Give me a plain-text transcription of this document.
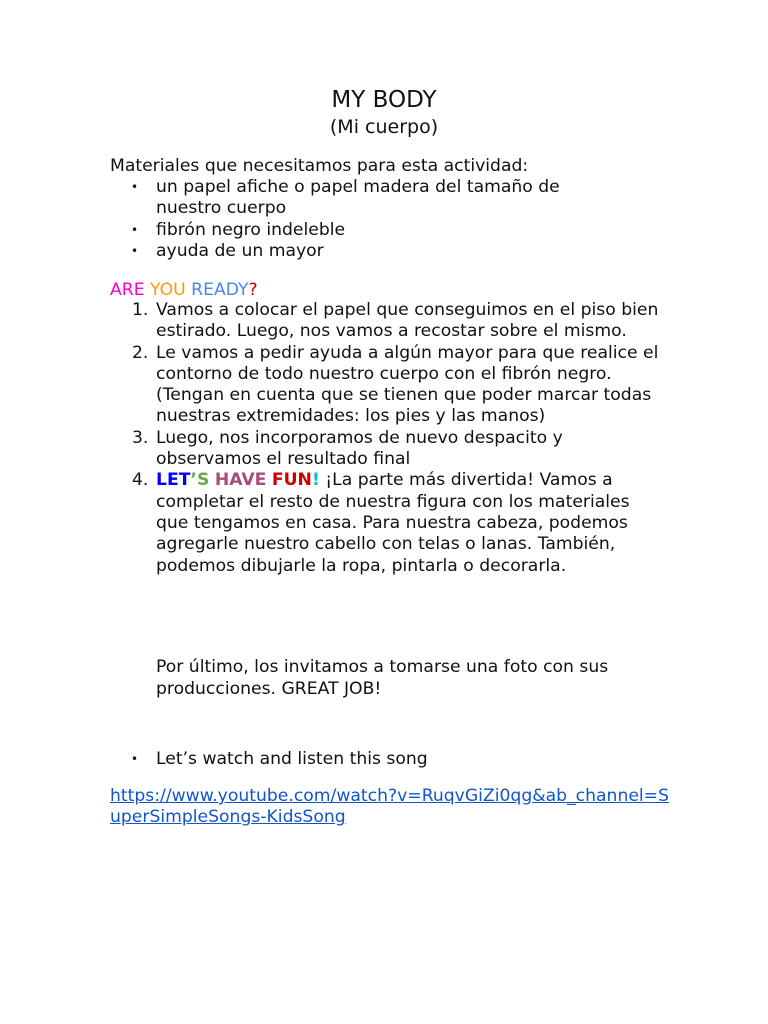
MY BODY
(Mi cuerpo)
Materiales que necesitamos para esta actividad:
• un papel afiche o papel madera del tamaño de nuestro cuerpo
• fibrón negro indeleble
• ayuda de un mayor
ARE YOU READY?
1. Vamos a colocar el papel que conseguimos en el piso bien estirado. Luego, nos vamos a recostar sobre el mismo.
2. Le vamos a pedir ayuda a algún mayor para que realice el contorno de todo nuestro cuerpo con el fibrón negro. (Tengan en cuenta que se tienen que poder marcar todas nuestras extremidades: los pies y las manos)
3. Luego, nos incorporamos de nuevo despacito y observamos el resultado final
4. LET’S HAVE FUN! ¡La parte más divertida! Vamos a completar el resto de nuestra figura con los materiales que tengamos en casa. Para nuestra cabeza, podemos agregarle nuestro cabello con telas o lanas. También, podemos dibujarle la ropa, pintarla o decorarla.
Por último, los invitamos a tomarse una foto con sus producciones. GREAT JOB!
• Let’s watch and listen this song
https://www.youtube.com/watch?v=RuqvGiZi0qg&ab_channel=SuperSimpleSongs-KidsSong
